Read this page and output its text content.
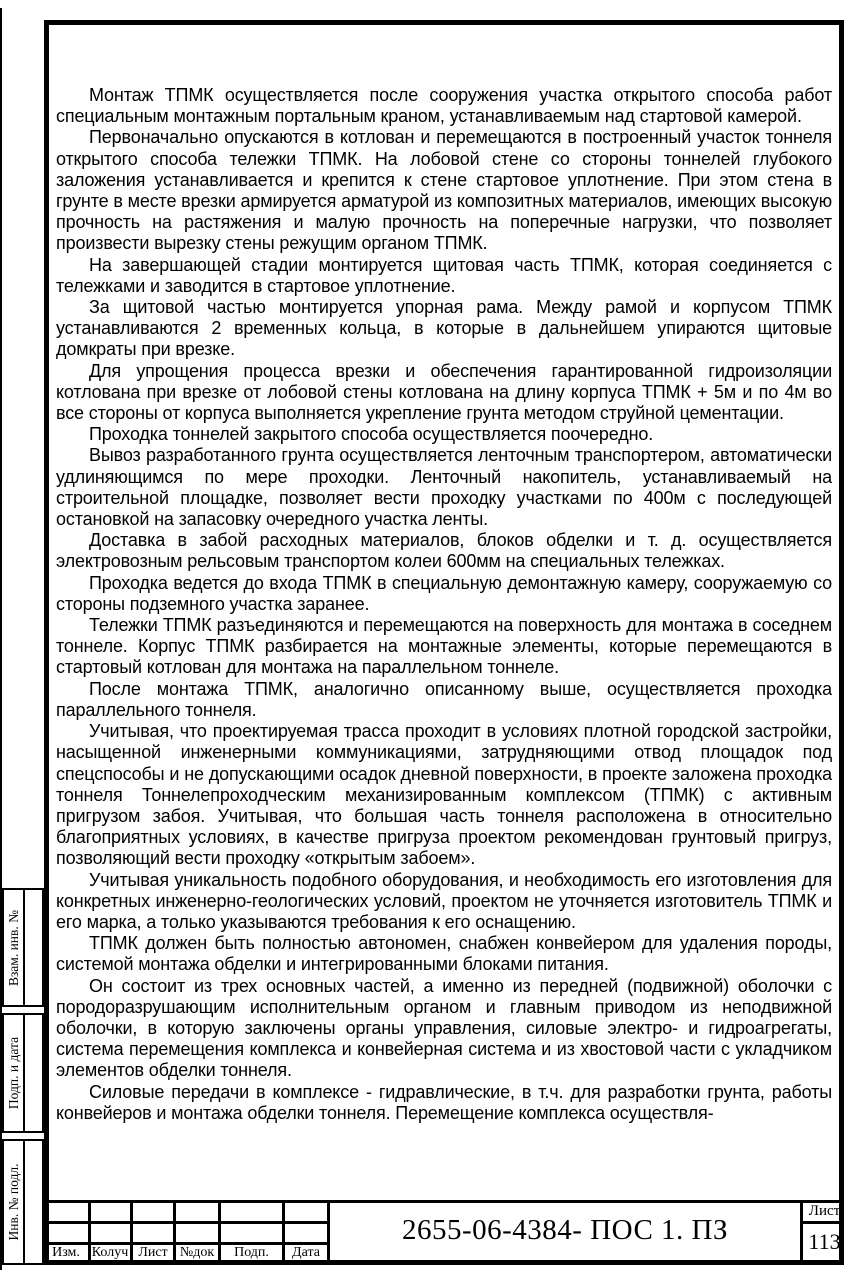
Монтаж ТПМК осуществляется после сооружения участка открытого способа работ специальным монтажным портальным краном, устанавливаемым над стартовой камерой.

Первоначально опускаются в котлован и перемещаются в построенный участок тоннеля открытого способа тележки ТПМК. На лобовой стене со стороны тоннелей глубокого заложения устанавливается и крепится к стене стартовое уплотнение. При этом стена в грунте в месте врезки армируется арматурой из композитных материалов, имеющих высокую прочность на растяжения и малую прочность на поперечные нагрузки, что позволяет произвести вырезку стены режущим органом ТПМК.

На завершающей стадии монтируется щитовая часть ТПМК, которая соединяется с тележками и заводится в стартовое уплотнение.

За щитовой частью монтируется упорная рама. Между рамой и корпусом ТПМК устанавливаются 2 временных кольца, в которые в дальнейшем упираются щитовые домкраты при врезке.

Для упрощения процесса врезки и обеспечения гарантированной гидроизоляции котлована при врезке от лобовой стены котлована на длину корпуса ТПМК + 5м и по 4м во все стороны от корпуса выполняется укрепление грунта методом струйной цементации.

Проходка тоннелей закрытого способа осуществляется поочередно.

Вывоз разработанного грунта осуществляется ленточным транспортером, автоматически удлиняющимся по мере проходки. Ленточный накопитель, устанавливаемый на строительной площадке, позволяет вести проходку участками по 400м с последующей остановкой на запасовку очередного участка ленты.

Доставка в забой расходных материалов, блоков обделки и т. д. осуществляется электровозным рельсовым транспортом колеи 600мм на специальных тележках.

Проходка ведется до входа ТПМК в специальную демонтажную камеру, сооружаемую со стороны подземного участка заранее.

Тележки ТПМК разъединяются и перемещаются на поверхность для монтажа в соседнем тоннеле. Корпус ТПМК разбирается на монтажные элементы, которые перемещаются в стартовый котлован для монтажа на параллельном тоннеле.

После монтажа ТПМК, аналогично описанному выше, осуществляется проходка параллельного тоннеля.

Учитывая, что проектируемая трасса проходит в условиях плотной городской застройки, насыщенной инженерными коммуникациями, затрудняющими отвод площадок под спецспособы и не допускающими осадок дневной поверхности, в проекте заложена проходка тоннеля Тоннелепроходческим механизированным комплексом (ТПМК) с активным пригрузом забоя. Учитывая, что большая часть тоннеля расположена в относительно благоприятных условиях, в качестве пригруза проектом рекомендован грунтовый пригруз, позволяющий вести проходку «открытым забоем».

Учитывая уникальность подобного оборудования, и необходимость его изготовления для конкретных инженерно-геологических условий, проектом не уточняется изготовитель ТПМК и его марка, а только указываются требования к его оснащению.

ТПМК должен быть полностью автономен, снабжен конвейером для удаления породы, системой монтажа обделки и интегрированными блоками питания.

Он состоит из трех основных частей, а именно из передней (подвижной) оболочки с породоразрушающим исполнительным органом и главным приводом из неподвижной оболочки, в которую заключены органы управления, силовые электро- и гидроагрегаты, система перемещения комплекса и конвейерная система и из хвостовой части с укладчиком элементов обделки тоннеля.

Силовые передачи в комплексе - гидравлические, в т.ч. для разработки грунта, работы конвейеров и монтажа обделки тоннеля. Перемещение комплекса осуществля-

Взам. инв. №
Подп. и дата
Инв. № подл.
Изм. Колуч Лист №док	Подп.	Дата
2655-06-4384- ПОС 1. ПЗ
Лист
113
